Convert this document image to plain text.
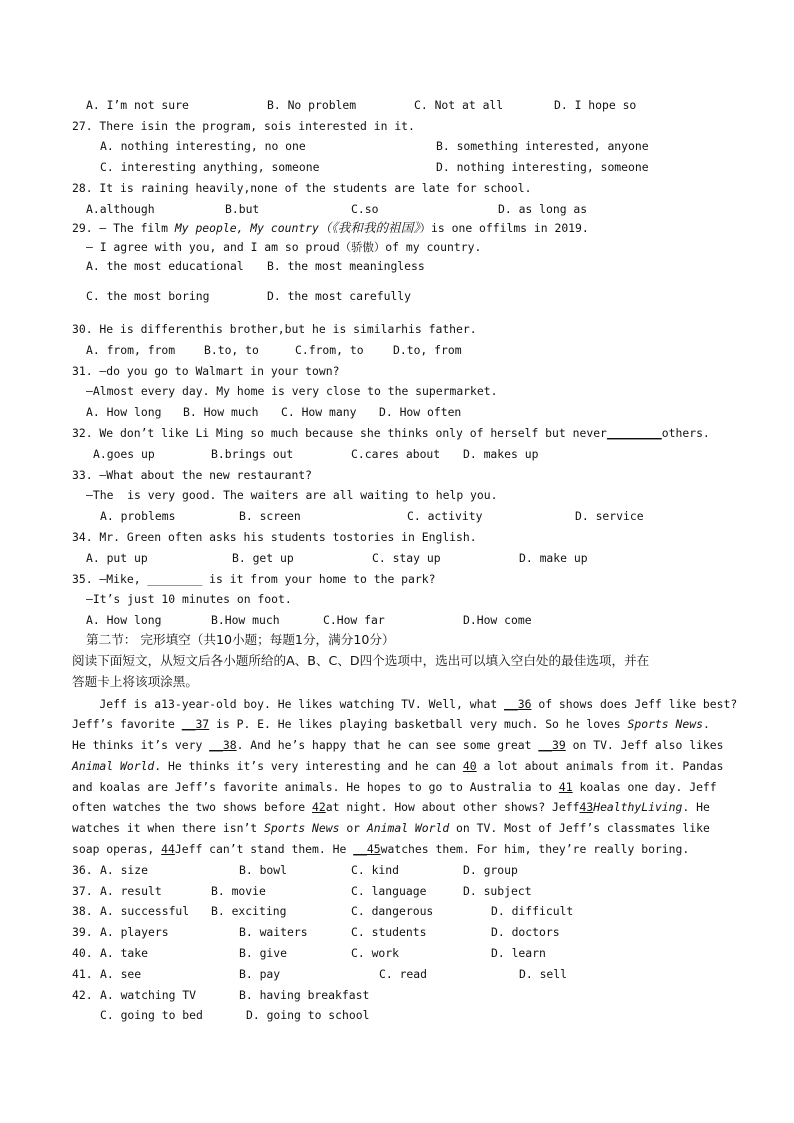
A. I’m not sure	B. No problem	C. Not at all	D. I hope so
27. There isin the program, sois interested in it.
A. nothing interesting, no one	B. something interested, anyone
C. interesting anything, someone	D. nothing interesting, someone
28. It is raining heavily,none of the students are late for school.
A.although	B.but	C.so	D. as long as
29. — The film My people, My country（《我和我的祖国》）is one offilms in 2019.
— I agree with you, and I am so proud（骄傲）of my country.
A. the most educational B. the most meaningless
C. the most boring	D. the most carefully
30. He is differenthis brother,but he is similarhis father.
A. from, from	B.to, to	C.from, to	D.to, from
31. —do you go to Walmart in your town?
—Almost every day. My home is very close to the supermarket.
A. How long B. How much C. How many D. How often
32. We don’t like Li Ming so much because she thinks only of herself but never________others.
A.goes up	B.brings out	C.cares about D. makes up
33. —What about the new restaurant?
—The  is very good. The waiters are all waiting to help you.
A. problems	B. screen	C. activity	D. service
34. Mr. Green often asks his students tostories in English.
A. put up	B. get up	C. stay up	D. make up
35. —Mike, ________ is it from your home to the park?
—It’s just 10 minutes on foot.
A. How long	B.How much	C.How far	D.How come
第二节： 完形填空（共10小题；每题1分，满分10分）
阅读下面短文，从短文后各小题所给的A、B、C、D四个选项中，选出可以填入空白处的最佳选项，并在
答题卡上将该项涂黑。
Jeff is a13-year-old boy. He likes watching TV. Well, what __36 of shows does Jeff like best?
Jeff’s favorite __37 is P. E. He likes playing basketball very much. So he loves Sports News.
He thinks it’s very __38. And he’s happy that he can see some great __39 on TV. Jeff also likes
Animal World. He thinks it’s very interesting and he can 40 a lot about animals from it. Pandas
and koalas are Jeff’s favorite animals. He hopes to go to Australia to 41 koalas one day. Jeff
often watches the two shows before 42at night. How about other shows? Jeff43HealthyLiving. He
watches it when there isn’t Sports News or Animal World on TV. Most of Jeff’s classmates like
soap operas, 44Jeff can’t stand them. He __45watches them. For him, they’re really boring.
36. A. size	B. bowl	C. kind	D. group
37. A. result	B. movie	C. language	D. subject
38. A. successful B. exciting	C. dangerous	D. difficult
39. A. players	B. waiters	C. students	D. doctors
40. A. take	B. give	C. work	D. learn
41. A. see	B. pay	C. read	D. sell
42. A. watching TV	B. having breakfast
C. going to bed	D. going to school
